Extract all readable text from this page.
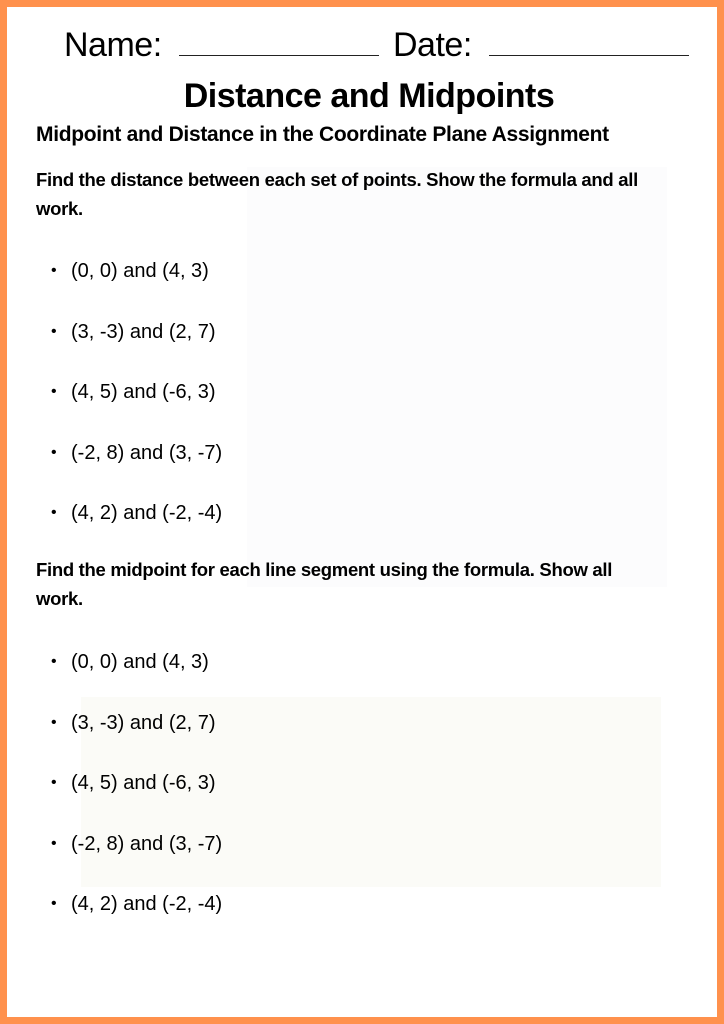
Name:	Date:
Distance and Midpoints
Midpoint and Distance in the Coordinate Plane Assignment
Find the distance between each set of points. Show the formula and all work.
• (0, 0) and (4, 3)
• (3, -3) and (2, 7)
• (4, 5) and (-6, 3)
• (-2, 8) and (3, -7)
• (4, 2) and (-2, -4)
Find the midpoint for each line segment using the formula. Show all work.
• (0, 0) and (4, 3)
• (3, -3) and (2, 7)
• (4, 5) and (-6, 3)
• (-2, 8) and (3, -7)
• (4, 2) and (-2, -4)
